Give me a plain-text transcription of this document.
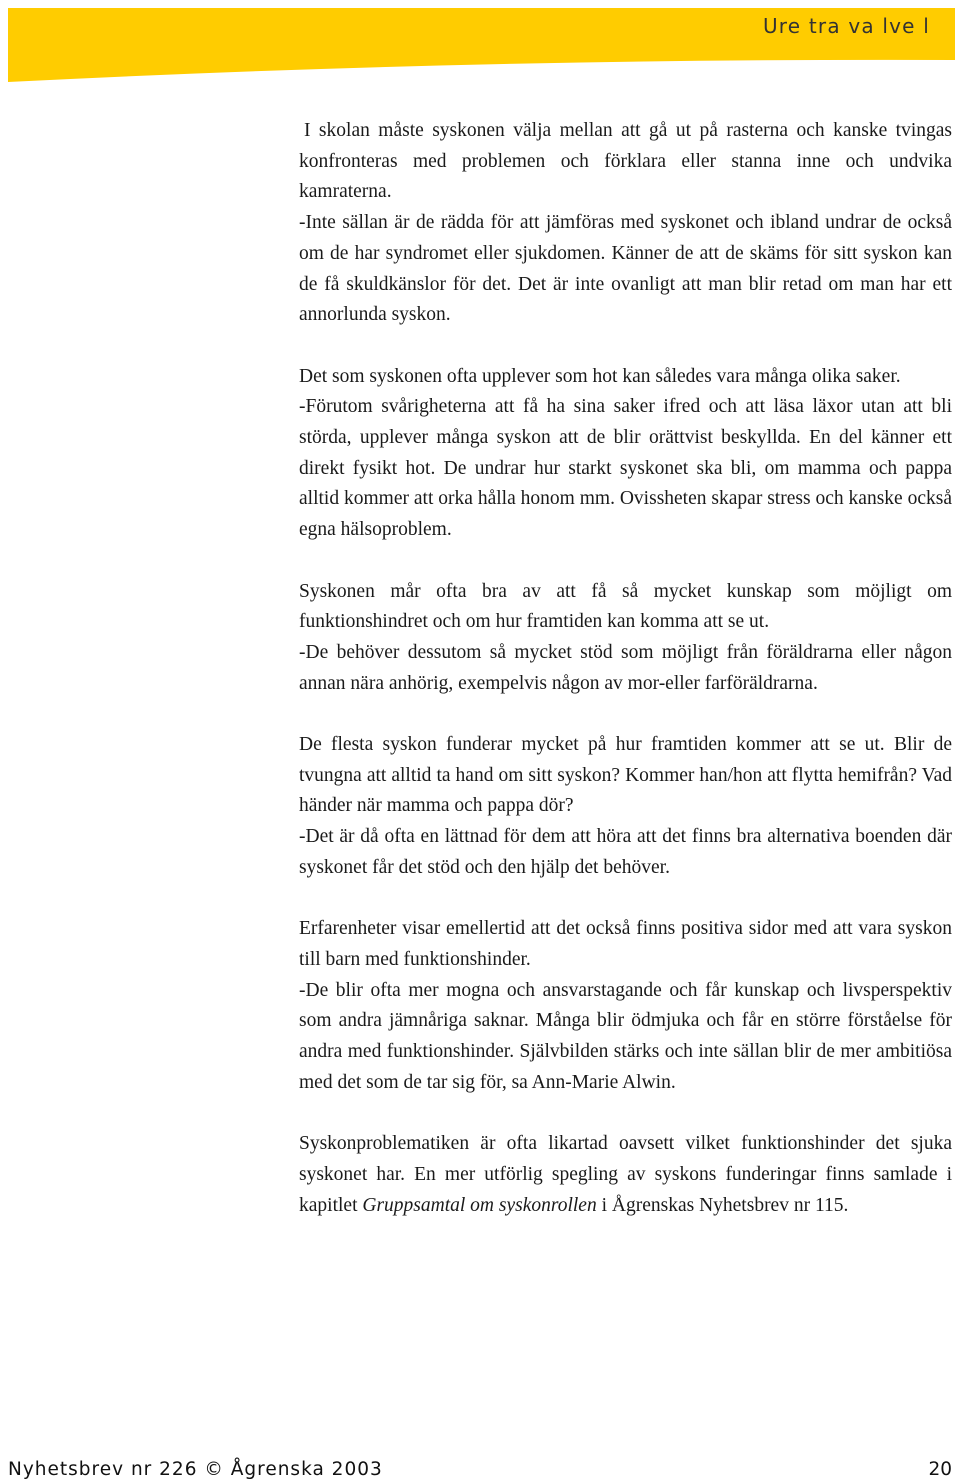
Ure tra va lve l

I skolan måste syskonen välja mellan att gå ut på rasterna och kanske tvingas konfronteras med problemen och förklara eller stanna inne och undvika kamraterna.

-Inte sällan är de rädda för att jämföras med syskonet och ibland undrar de också om de har syndromet eller sjukdomen. Känner de att de skäms för sitt syskon kan de få skuldkänslor för det. Det är inte ovanligt att man blir retad om man har ett annorlunda syskon.

Det som syskonen ofta upplever som hot kan således vara många olika saker.

-Förutom svårigheterna att få ha sina saker ifred och att läsa läxor utan att bli störda, upplever många syskon att de blir orättvist beskyllda. En del känner ett direkt fysikt hot. De undrar hur starkt syskonet ska bli, om mamma och pappa alltid kommer att orka hålla honom mm. Ovissheten skapar stress och kanske också egna hälsoproblem.

Syskonen mår ofta bra av att få så mycket kunskap som möjligt om funktionshindret och om hur framtiden kan komma att se ut.

-De behöver dessutom så mycket stöd som möjligt från föräldrarna eller någon annan nära anhörig, exempelvis någon av mor-eller farföräldrarna.

De flesta syskon funderar mycket på hur framtiden kommer att se ut. Blir de tvungna att alltid ta hand om sitt syskon? Kommer han/hon att flytta hemifrån? Vad händer när mamma och pappa dör?

-Det är då ofta en lättnad för dem att höra att det finns bra alternativa boenden där syskonet får det stöd och den hjälp det behöver.

Erfarenheter visar emellertid att det också finns positiva sidor med att vara syskon till barn med funktionshinder.

-De blir ofta mer mogna och ansvarstagande och får kunskap och livsperspektiv som andra jämnåriga saknar. Många blir ödmjuka och får en större förståelse för andra med funktionshinder. Självbilden stärks och inte sällan blir de mer ambitiösa med det som de tar sig för, sa Ann-Marie Alwin.

Syskonproblematiken är ofta likartad oavsett vilket funktionshinder det sjuka syskonet har. En mer utförlig spegling av syskons funderingar finns samlade i kapitlet Gruppsamtal om syskonrollen i Ågrenskas Nyhetsbrev nr 115.

Nyhetsbrev nr 226 © Ågrenska 2003	20
